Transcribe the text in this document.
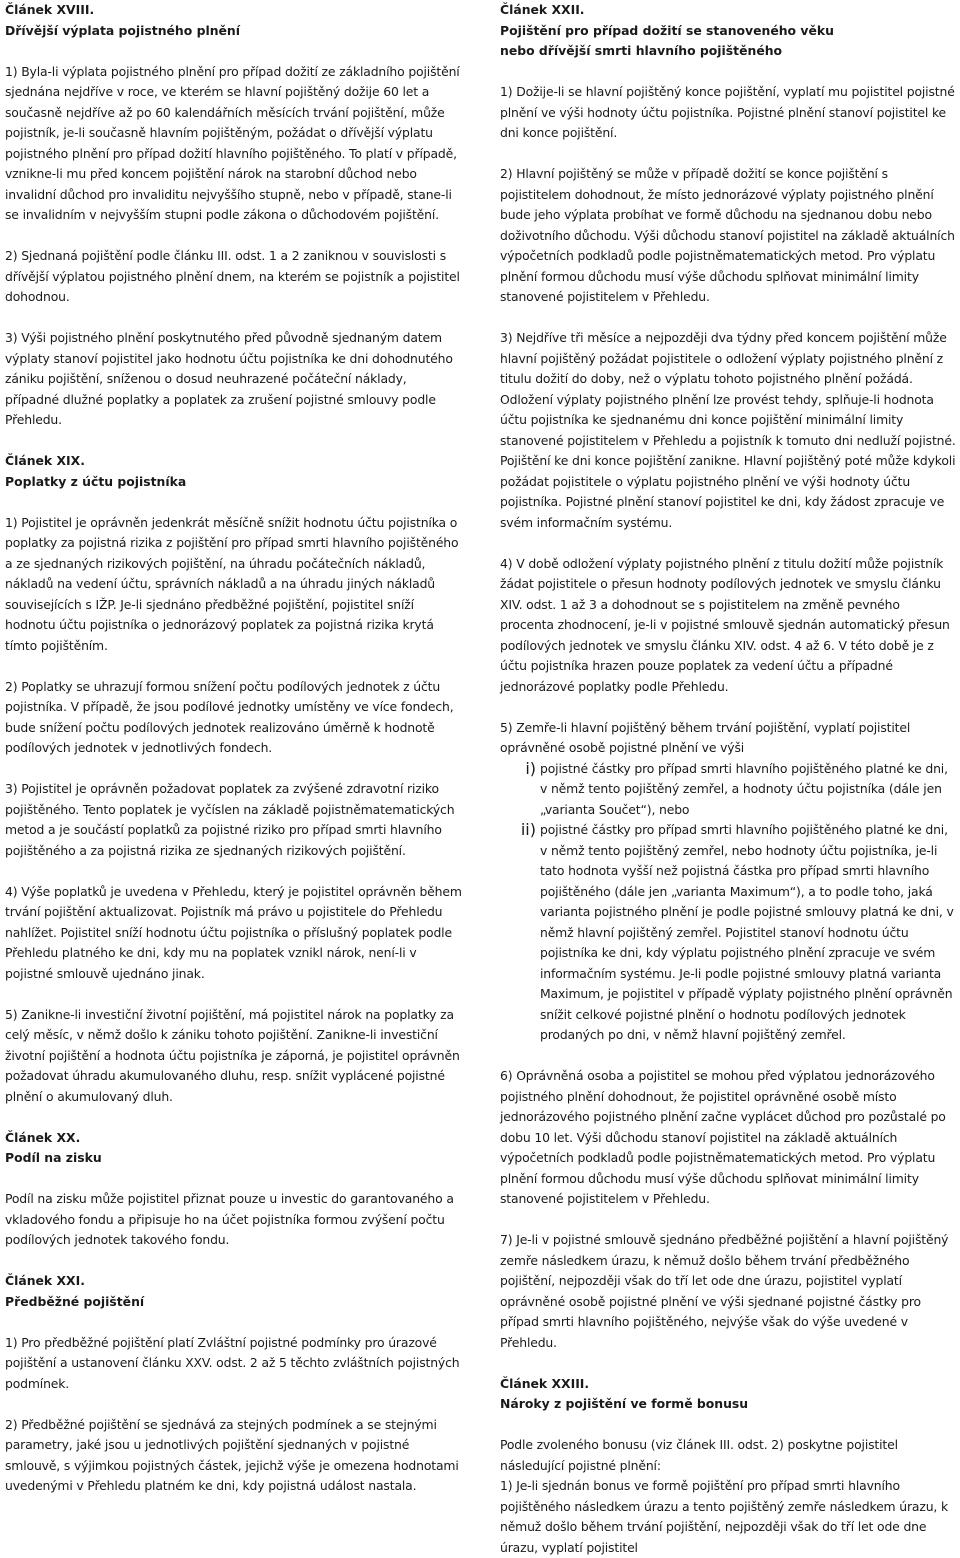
Článek XVIII.
Dřívější výplata pojistného plnění

1) Byla-li výplata pojistného plnění pro případ dožití ze základního pojištění sjednána nejdříve v roce, ve kterém se hlavní pojištěný dožije 60 let a současně nejdříve až po 60 kalendářních měsících trvání pojištění, může pojistník, je-li současně hlavním pojištěným, požádat o dřívější výplatu pojistného plnění pro případ dožití hlavního pojištěného. To platí v případě, vznikne-li mu před koncem pojištění nárok na starobní důchod nebo invalidní důchod pro invaliditu nejvyššího stupně, nebo v případě, stane-li se invalidním v nejvyšším stupni podle zákona o důchodovém pojištění.

2) Sjednaná pojištění podle článku III. odst. 1 a 2 zaniknou v souvislosti s dřívější výplatou pojistného plnění dnem, na kterém se pojistník a pojistitel dohodnou.

3) Výši pojistného plnění poskytnutého před původně sjednaným datem výplaty stanoví pojistitel jako hodnotu účtu pojistníka ke dni dohodnutého zániku pojištění, sníženou o dosud neuhrazené počáteční náklady, případné dlužné poplatky a poplatek za zrušení pojistné smlouvy podle Přehledu.

Článek XIX.
Poplatky z účtu pojistníka

1) Pojistitel je oprávněn jedenkrát měsíčně snížit hodnotu účtu pojistníka o poplatky za pojistná rizika z pojištění pro případ smrti hlavního pojištěného a ze sjednaných rizikových pojištění, na úhradu počátečních nákladů, nákladů na vedení účtu, správních nákladů a na úhradu jiných nákladů souvisejících s IŽP. Je-li sjednáno předběžné pojištění, pojistitel sníží hodnotu účtu pojistníka o jednorázový poplatek za pojistná rizika krytá tímto pojištěním.

2) Poplatky se uhrazují formou snížení počtu podílových jednotek z účtu pojistníka. V případě, že jsou podílové jednotky umístěny ve více fondech, bude snížení počtu podílových jednotek realizováno úměrně k hodnotě podílových jednotek v jednotlivých fondech.

3) Pojistitel je oprávněn požadovat poplatek za zvýšené zdravotní riziko pojištěného. Tento poplatek je vyčíslen na základě pojistněmatematických metod a je součástí poplatků za pojistné riziko pro případ smrti hlavního pojištěného a za pojistná rizika ze sjednaných rizikových pojištění.

4) Výše poplatků je uvedena v Přehledu, který je pojistitel oprávněn během trvání pojištění aktualizovat. Pojistník má právo u pojistitele do Přehledu nahlížet. Pojistitel sníží hodnotu účtu pojistníka o příslušný poplatek podle Přehledu platného ke dni, kdy mu na poplatek vznikl nárok, není-li v pojistné smlouvě ujednáno jinak.

5) Zanikne-li investiční životní pojištění, má pojistitel nárok na poplatky za celý měsíc, v němž došlo k zániku tohoto pojištění. Zanikne-li investiční životní pojištění a hodnota účtu pojistníka je záporná, je pojistitel oprávněn požadovat úhradu akumulovaného dluhu, resp. snížit vyplácené pojistné plnění o akumulovaný dluh.

Článek XX.
Podíl na zisku

Podíl na zisku může pojistitel přiznat pouze u investic do garantovaného a vkladového fondu a připisuje ho na účet pojistníka formou zvýšení počtu podílových jednotek takového fondu.

Článek XXI.
Předběžné pojištění

1) Pro předběžné pojištění platí Zvláštní pojistné podmínky pro úrazové pojištění a ustanovení článku XXV. odst. 2 až 5 těchto zvláštních pojistných podmínek.

2) Předběžné pojištění se sjednává za stejných podmínek a se stejnými parametry, jaké jsou u jednotlivých pojištění sjednaných v pojistné smlouvě, s výjimkou pojistných částek, jejichž výše je omezena hodnotami uvedenými v Přehledu platném ke dni, kdy pojistná událost nastala.

Článek XXII.
Pojištění pro případ dožití se stanoveného věku
nebo dřívější smrti hlavního pojištěného

1) Dožije-li se hlavní pojištěný konce pojištění, vyplatí mu pojistitel pojistné plnění ve výši hodnoty účtu pojistníka. Pojistné plnění stanoví pojistitel ke dni konce pojištění.

2) Hlavní pojištěný se může v případě dožití se konce pojištění s pojistitelem dohodnout, že místo jednorázové výplaty pojistného plnění bude jeho výplata probíhat ve formě důchodu na sjednanou dobu nebo doživotního důchodu. Výši důchodu stanoví pojistitel na základě aktuálních výpočetních podkladů podle pojistněmatematických metod. Pro výplatu plnění formou důchodu musí výše důchodu splňovat minimální limity stanovené pojistitelem v Přehledu.

3) Nejdříve tři měsíce a nejpozději dva týdny před koncem pojištění může hlavní pojištěný požádat pojistitele o odložení výplaty pojistného plnění z titulu dožití do doby, než o výplatu tohoto pojistného plnění požádá. Odložení výplaty pojistného plnění lze provést tehdy, splňuje-li hodnota účtu pojistníka ke sjednanému dni konce pojištění minimální limity stanovené pojistitelem v Přehledu a pojistník k tomuto dni nedluží pojistné. Pojištění ke dni konce pojištění zanikne. Hlavní pojištěný poté může kdykoli požádat pojistitele o výplatu pojistného plnění ve výši hodnoty účtu pojistníka. Pojistné plnění stanoví pojistitel ke dni, kdy žádost zpracuje ve svém informačním systému.

4) V době odložení výplaty pojistného plnění z titulu dožití může pojistník žádat pojistitele o přesun hodnoty podílových jednotek ve smyslu článku XIV. odst. 1 až 3 a dohodnout se s pojistitelem na změně pevného procenta zhodnocení, je-li v pojistné smlouvě sjednán automatický přesun podílových jednotek ve smyslu článku XIV. odst. 4 až 6. V této době je z účtu pojistníka hrazen pouze poplatek za vedení účtu a případné jednorázové poplatky podle Přehledu.

5) Zemře-li hlavní pojištěný během trvání pojištění, vyplatí pojistitel oprávněné osobě pojistné plnění ve výši

i) pojistné částky pro případ smrti hlavního pojištěného platné ke dni, v němž tento pojištěný zemřel, a hodnoty účtu pojistníka (dále jen „varianta Součet“), nebo

ii) pojistné částky pro případ smrti hlavního pojištěného platné ke dni, v němž tento pojištěný zemřel, nebo hodnoty účtu pojistníka, je-li tato hodnota vyšší než pojistná částka pro případ smrti hlavního pojištěného (dále jen „varianta Maximum“), a to podle toho, jaká varianta pojistného plnění je podle pojistné smlouvy platná ke dni, v němž hlavní pojištěný zemřel. Pojistitel stanoví hodnotu účtu pojistníka ke dni, kdy výplatu pojistného plnění zpracuje ve svém informačním systému. Je-li podle pojistné smlouvy platná varianta Maximum, je pojistitel v případě výplaty pojistného plnění oprávněn snížit celkové pojistné plnění o hodnotu podílových jednotek prodaných po dni, v němž hlavní pojištěný zemřel.

6) Oprávněná osoba a pojistitel se mohou před výplatou jednorázového pojistného plnění dohodnout, že pojistitel oprávněné osobě místo jednorázového pojistného plnění začne vyplácet důchod pro pozůstalé po dobu 10 let. Výši důchodu stanoví pojistitel na základě aktuálních výpočetních podkladů podle pojistněmatematických metod. Pro výplatu plnění formou důchodu musí výše důchodu splňovat minimální limity stanovené pojistitelem v Přehledu.

7) Je-li v pojistné smlouvě sjednáno předběžné pojištění a hlavní pojištěný zemře následkem úrazu, k němuž došlo během trvání předběžného pojištění, nejpozději však do tří let ode dne úrazu, pojistitel vyplatí oprávněné osobě pojistné plnění ve výši sjednané pojistné částky pro případ smrti hlavního pojištěného, nejvýše však do výše uvedené v Přehledu.

Článek XXIII.
Nároky z pojištění ve formě bonusu

Podle zvoleného bonusu (viz článek III. odst. 2) poskytne pojistitel následující pojistné plnění:

1) Je-li sjednán bonus ve formě pojištění pro případ smrti hlavního pojištěného následkem úrazu a tento pojištěný zemře následkem úrazu, k němuž došlo během trvání pojištění, nejpozději však do tří let ode dne úrazu, vyplatí pojistitel
